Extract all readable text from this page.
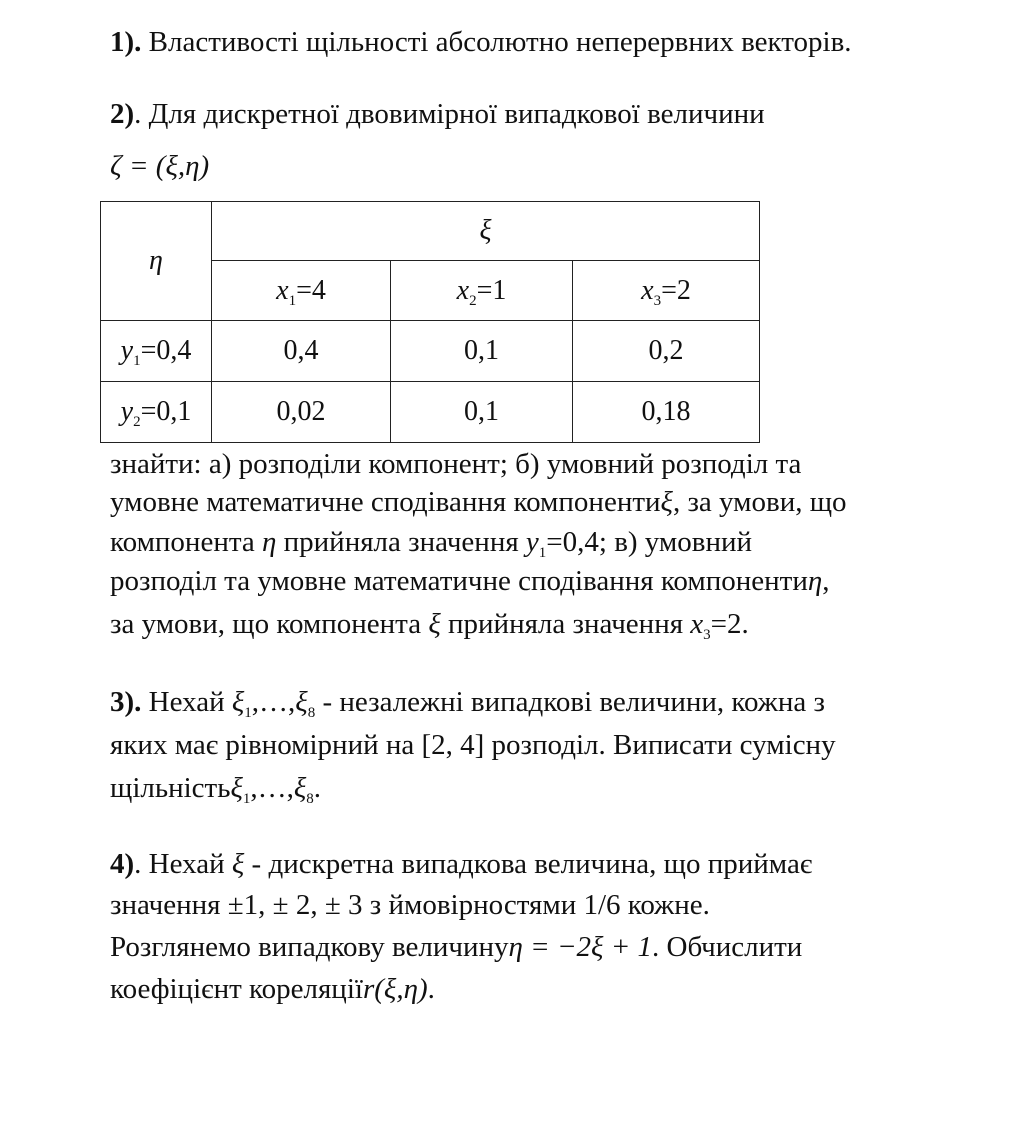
1). Властивості щільності абсолютно неперервних векторів.
2). Для дискретної двовимірної випадкової величини
ζ = (ξ,η)
η	ξ		
	$x_1=4$	$x_2=1$	$x_3=2$
$y_1=0,4$	0,4	0,1	0,2
$y_2=0,1$	0,02	0,1	0,18
знайти: а) розподіли компонент; б) умовний розподіл та
умовне математичне сподівання компонентиξ, за умови, що
компонента η прийняла значення $y_1=0,4$; в) умовний
розподіл та умовне математичне сподівання компонентиη,
за умови, що компонента ξ прийняла значення $x_3=2$.
3). Нехай $\xi_1,\dots,\xi_8$ - незалежні випадкові величини, кожна з
яких має рівномірний на [2, 4] розподіл. Виписати сумісну
$щільність\xi_1,\dots,\xi_8$.
4). Нехай ξ - дискретна випадкова величина, що приймає
значення ±1, ± 2, ± 3 з ймовірностями 1/6 кожне.
Розглянемо випадкову величинуη = −2ξ + 1. Обчислити
коефіцієнт кореляціїr(ξ,η).
